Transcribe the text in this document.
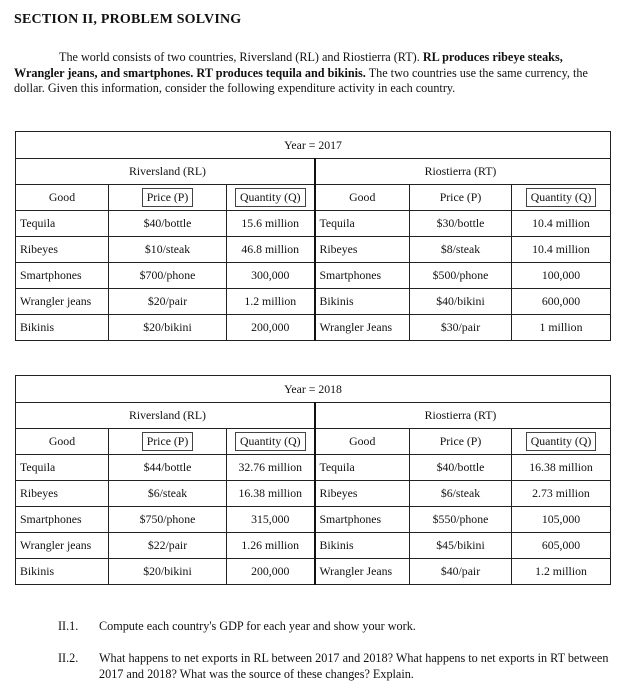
SECTION II, PROBLEM SOLVING

The world consists of two countries, Riversland (RL) and Riostierra (RT). RL produces ribeye steaks, Wrangler jeans, and smartphones. RT produces tequila and bikinis. The two countries use the same currency, the dollar. Given this information, consider the following expenditure activity in each country.

Year = 2017					
	Riversland (RL)			Riostierra (RT)	
Good	Price (P)	Quantity (Q)	Good	Price (P)	Quantity (Q)
Tequila	$40/bottle	15.6 million	Tequila	$30/bottle	10.4 million
Ribeyes	$10/steak	46.8 million	Ribeyes	$8/steak	10.4 million
Smartphones	$700/phone	300,000	Smartphones	$500/phone	100,000
Wrangler jeans	$20/pair	1.2 million	Bikinis	$40/bikini	600,000
Bikinis	$20/bikini	200,000	Wrangler Jeans	$30/pair	1 million
Year = 2018					
	Riversland (RL)			Riostierra (RT)	
Good	Price (P)	Quantity (Q)	Good	Price (P)	Quantity (Q)
Tequila	$44/bottle	32.76 million	Tequila	$40/bottle	16.38 million
Ribeyes	$6/steak	16.38 million	Ribeyes	$6/steak	2.73 million
Smartphones	$750/phone	315,000	Smartphones	$550/phone	105,000
Wrangler jeans	$22/pair	1.26 million	Bikinis	$45/bikini	605,000
Bikinis	$20/bikini	200,000	Wrangler Jeans	$40/pair	1.2 million
II.1.	Compute each country's GDP for each year and show your work.
II.2.	What happens to net exports in RL between 2017 and 2018? What happens to net exports in RT between 2017 and 2018? What was the source of these changes? Explain.
